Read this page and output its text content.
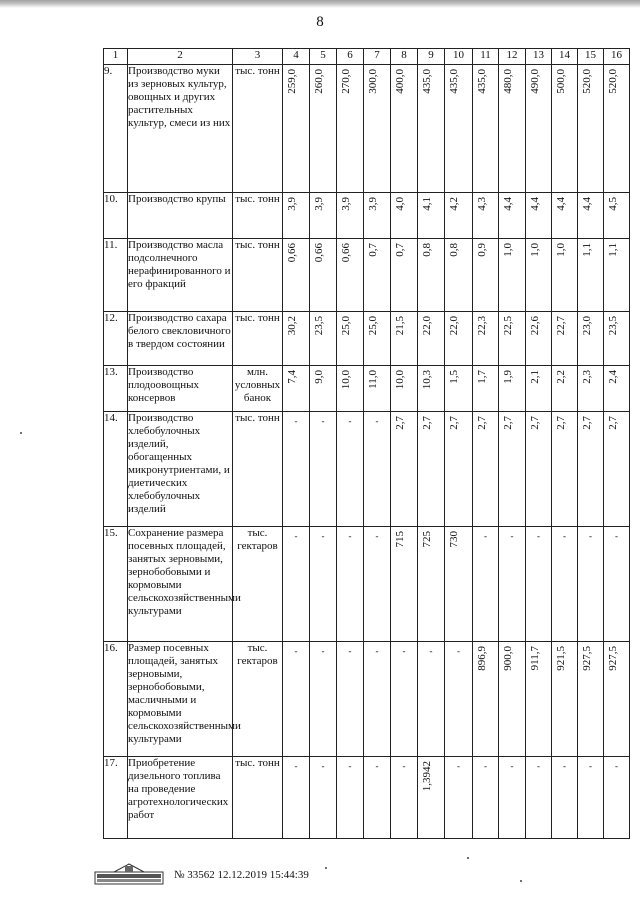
8
1	2	3	4	5	6	7	8	9	10	11	12	13	14	15	16
9.	Производство муки из зерновых культур, овощных и других растительных культур, смеси из них	тыс. тонн	259,0	260,0	270,0	300,0	400,0	435,0	435,0	435,0	480,0	490,0	500,0	520,0	520,0

10.	Производство крупы	тыс. тонн	3,9	3,9	3,9	3,9	4,0	4,1	4,2	4,3	4,4	4,4	4,4	4,4	4,5

11.	Производство масла подсолнечного нерафинированного и его фракций	тыс. тонн	0,66	0,66	0,66	0,7	0,7	0,8	0,8	0,9	1,0	1,0	1,0	1,1	1,1

12.	Производство сахара белого свекловичного в твердом состоянии	тыс. тонн	30,2	23,5	25,0	25,0	21,5	22,0	22,0	22,3	22,5	22,6	22,7	23,0	23,5

13.	Производство плодоовощных консервов	млн. условных банок	7,4	9,0	10,0	11,0	10,0	10,3	1,5	1,7	1,9	2,1	2,2	2,3	2,4

14.	Производство хлебобулочных изделий, обогащенных микронутриентами, и диетических хлебобулочных изделий	тыс. тонн	-	-	-	-	2,7	2,7	2,7	2,7	2,7	2,7	2,7	2,7	2,7

15.	Сохранение размера посевных площадей, занятых зерновыми, зернобобовыми и кормовыми сельскохозяйственными культурами	тыс. гектаров	-	-	-	-	715	725	730	-	-	-	-	-	-

16.	Размер посевных площадей, занятых зерновыми, зернобобовыми, масличными и кормовыми сельскохозяйственными культурами	тыс. гектаров	-	-	-	-	-	-	-	896,9	900,0	911,7	921,5	927,5	927,5

17.	Приобретение дизельного топлива на проведение агротехнологических работ	тыс. тонн	-	-	-	-	-	1,3942	-	-	-	-	-	-	-
№ 33562 12.12.2019 15:44:39
